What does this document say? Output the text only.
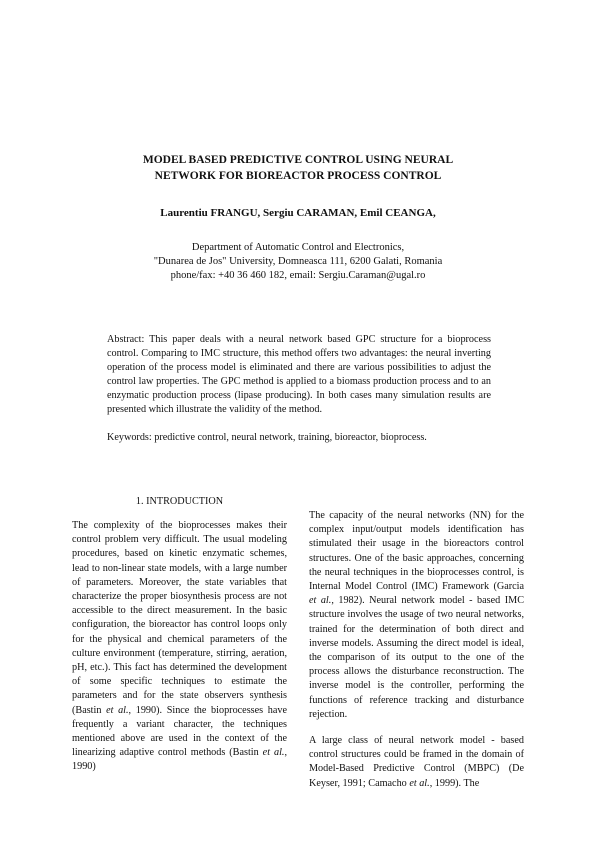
MODEL BASED PREDICTIVE CONTROL USING NEURAL
NETWORK FOR BIOREACTOR PROCESS CONTROL
Laurentiu FRANGU, Sergiu CARAMAN, Emil CEANGA,
Department of Automatic Control and Electronics,
"Dunarea de Jos" University, Domneasca 111, 6200 Galati, Romania
phone/fax: +40 36 460 182, email: Sergiu.Caraman@ugal.ro

Abstract: This paper deals with a neural network based GPC structure for a bioprocess control. Comparing to IMC structure, this method offers two advantages: the neural inverting operation of the process model is eliminated and there are various possibilities to adjust the control law properties. The GPC method is applied to a biomass production process and to an enzymatic production process (lipase producing). In both cases many simulation results are presented which illustrate the validity of the method.

Keywords: predictive control, neural network, training, bioreactor, bioprocess.

1. INTRODUCTION

The complexity of the bioprocesses makes their control problem very difficult. The usual modeling procedures, based on kinetic enzymatic schemes, lead to non-linear state models, with a large number of parameters. Moreover, the state variables that characterize the proper biosynthesis process are not accessible to the direct measurement. In the basic configuration, the bioreactor has control loops only for the physical and chemical parameters of the culture environment (temperature, stirring, aeration, pH, etc.). This fact has determined the development of some specific techniques to estimate the parameters and for the state observers synthesis (Bastin et al., 1990). Since the bioprocesses have frequently a variant character, the techniques mentioned above are used in the context of the linearizing adaptive control methods (Bastin et al., 1990)

The capacity of the neural networks (NN) for the complex input/output models identification has stimulated their usage in the bioreactors control structures. One of the basic approaches, concerning the neural techniques in the bioprocesses control, is Internal Model Control (IMC) Framework (Garcia et al., 1982). Neural network model - based IMC structure involves the usage of two neural networks, trained for the determination of both direct and inverse models. Assuming the direct model is ideal, the comparison of its output to the one of the process allows the disturbance reconstruction. The inverse model is the controller, performing the functions of reference tracking and disturbance rejection.

A large class of neural network model - based control structures could be framed in the domain of Model-Based Predictive Control (MBPC) (De Keyser, 1991; Camacho et al., 1999). The
